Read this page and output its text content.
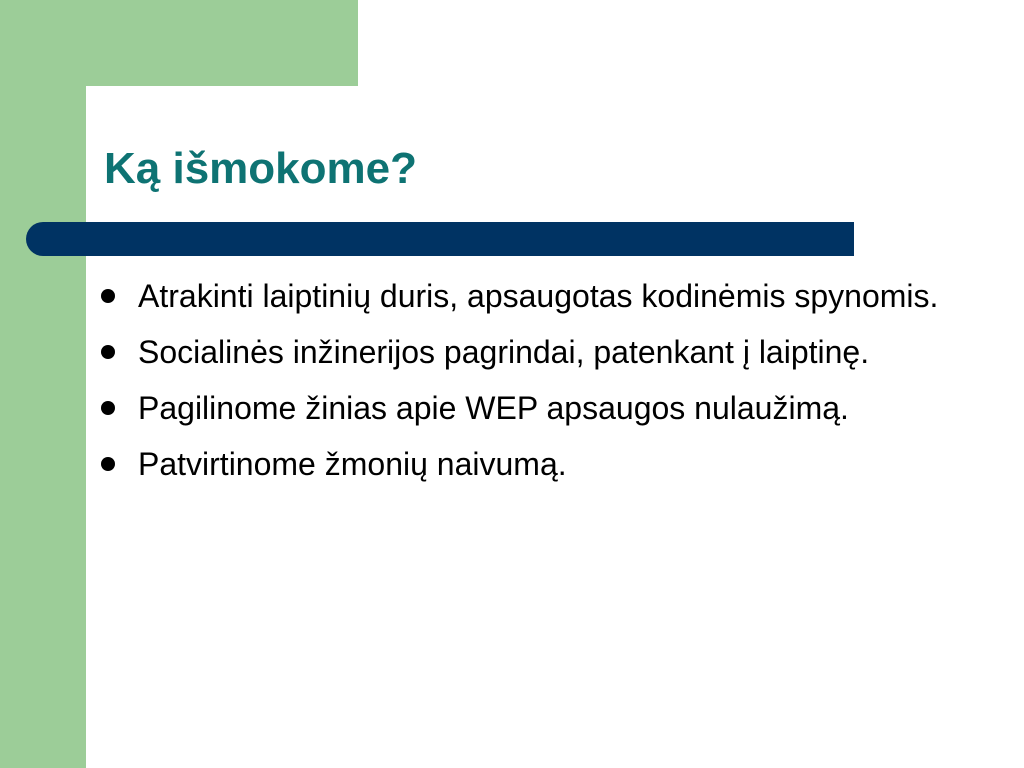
Ką išmokome?
Atrakinti laiptinių duris, apsaugotas kodinėmis spynomis.
Socialinės inžinerijos pagrindai, patenkant į laiptinę.
Pagilinome žinias apie WEP apsaugos nulaužimą.
Patvirtinome žmonių naivumą.
